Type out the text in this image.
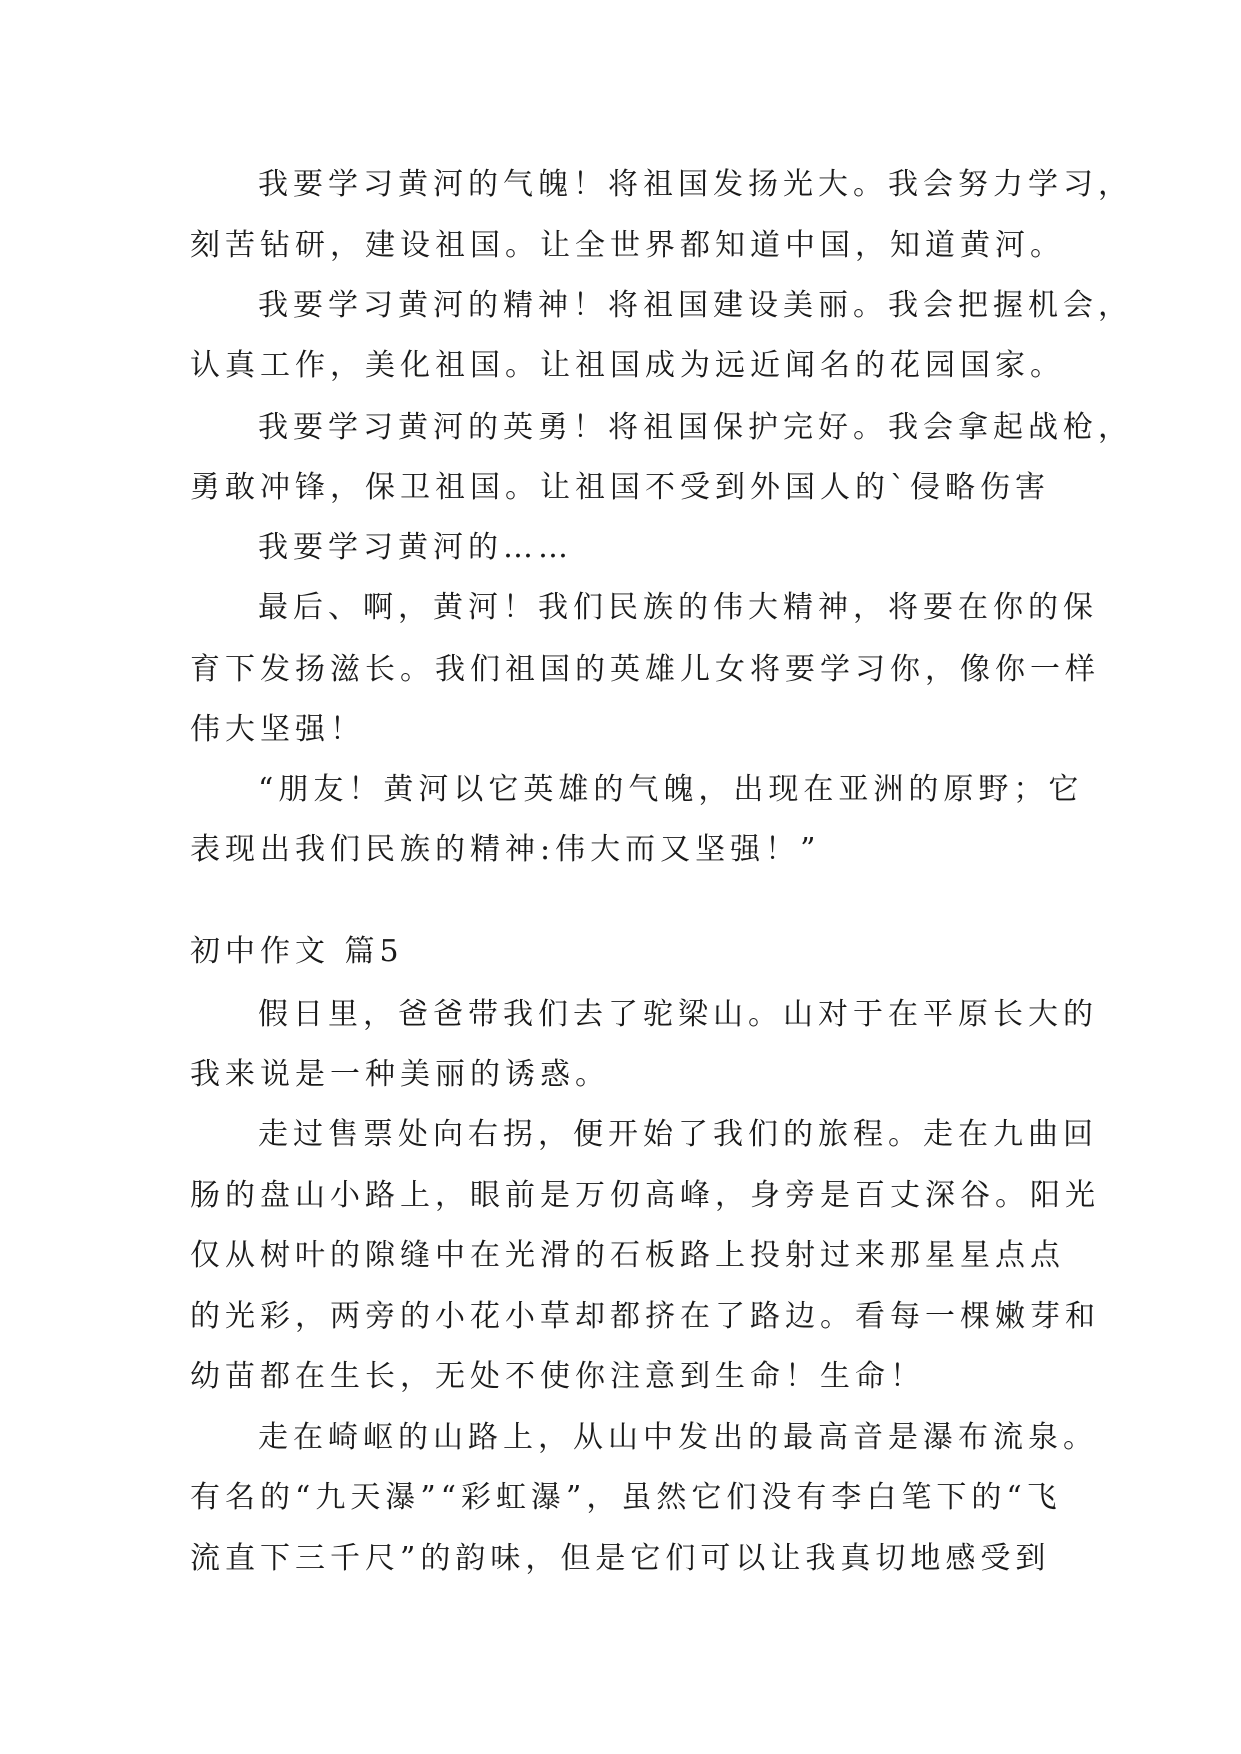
我要学习黄河的气魄！将祖国发扬光大。我会努力学习，
刻苦钻研，建设祖国。让全世界都知道中国，知道黄河。
我要学习黄河的精神！将祖国建设美丽。我会把握机会，
认真工作，美化祖国。让祖国成为远近闻名的花园国家。
我要学习黄河的英勇！将祖国保护完好。我会拿起战枪，
勇敢冲锋，保卫祖国。让祖国不受到外国人的`侵略伤害
我要学习黄河的……
最后、啊，黄河！我们民族的伟大精神，将要在你的保
育下发扬滋长。我们祖国的英雄儿女将要学习你，像你一样
伟大坚强！
“朋友！黄河以它英雄的气魄，出现在亚洲的原野；它
表现出我们民族的精神:伟大而又坚强！”
初中作文 篇5
假日里，爸爸带我们去了驼梁山。山对于在平原长大的
我来说是一种美丽的诱惑。
走过售票处向右拐，便开始了我们的旅程。走在九曲回
肠的盘山小路上，眼前是万仞高峰，身旁是百丈深谷。阳光
仅从树叶的隙缝中在光滑的石板路上投射过来那星星点点
的光彩，两旁的小花小草却都挤在了路边。看每一棵嫩芽和
幼苗都在生长，无处不使你注意到生命！生命！
走在崎岖的山路上，从山中发出的最高音是瀑布流泉。
有名的“九天瀑”“彩虹瀑”，虽然它们没有李白笔下的“飞
流直下三千尺”的韵味，但是它们可以让我真切地感受到
